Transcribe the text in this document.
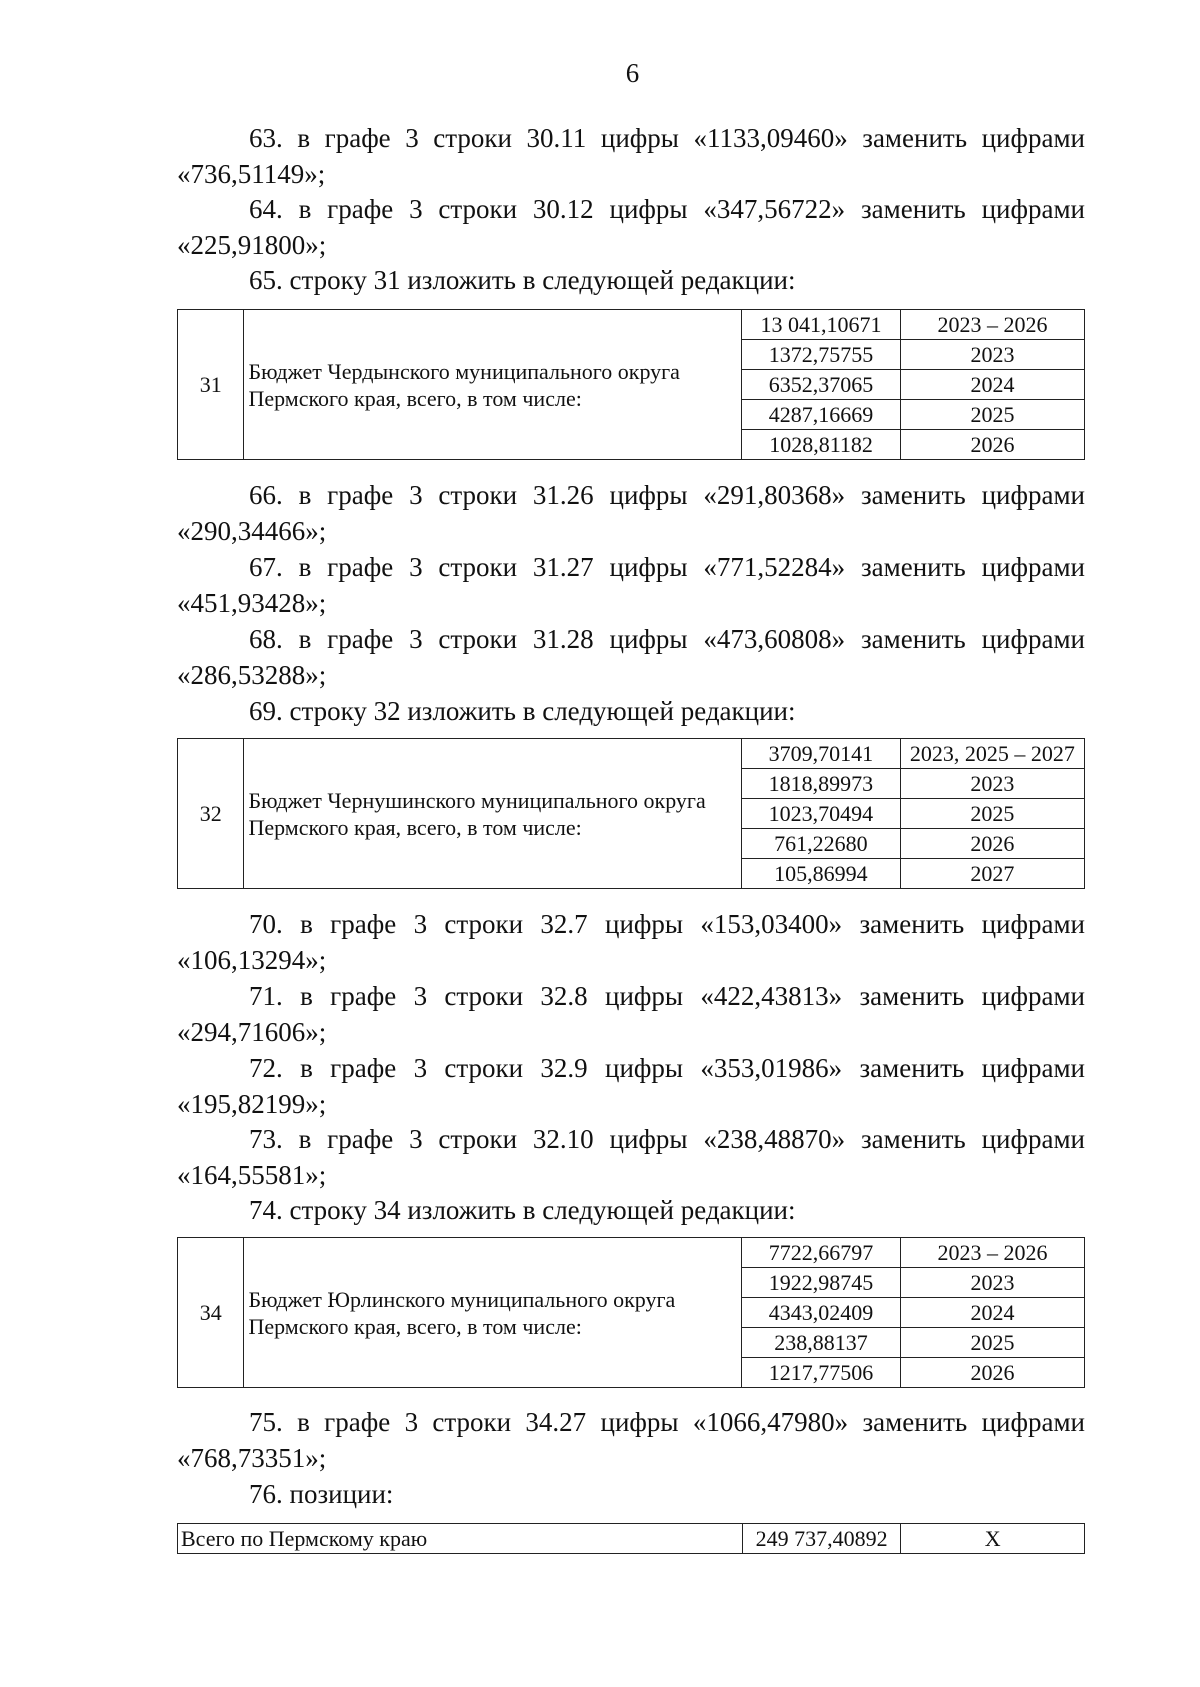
6
63. в графе 3 строки 30.11 цифры «1133,09460» заменить цифрами
«736,51149»;
64. в графе 3 строки 30.12 цифры «347,56722» заменить цифрами
«225,91800»;
65. строку 31 изложить в следующей редакции:
31	Бюджет Чердынского муниципального округа
Пермского края, всего, в том числе:	13 041,10671	2023 – 2026
		1372,75755	2023
		6352,37065	2024
		4287,16669	2025
		1028,81182	2026
66. в графе 3 строки 31.26 цифры «291,80368» заменить цифрами
«290,34466»;
67. в графе 3 строки 31.27 цифры «771,52284» заменить цифрами
«451,93428»;
68. в графе 3 строки 31.28 цифры «473,60808» заменить цифрами
«286,53288»;
69. строку 32 изложить в следующей редакции:
32	Бюджет Чернушинского муниципального округа
Пермского края, всего, в том числе:	3709,70141	2023, 2025 – 2027
		1818,89973	2023
		1023,70494	2025
		761,22680	2026
		105,86994	2027
70. в графе 3 строки 32.7 цифры «153,03400» заменить цифрами
«106,13294»;
71. в графе 3 строки 32.8 цифры «422,43813» заменить цифрами
«294,71606»;
72. в графе 3 строки 32.9 цифры «353,01986» заменить цифрами
«195,82199»;
73. в графе 3 строки 32.10 цифры «238,48870» заменить цифрами
«164,55581»;
74. строку 34 изложить в следующей редакции:
34	Бюджет Юрлинского муниципального округа
Пермского края, всего, в том числе:	7722,66797	2023 – 2026
		1922,98745	2023
		4343,02409	2024
		238,88137	2025
		1217,77506	2026
75. в графе 3 строки 34.27 цифры «1066,47980» заменить цифрами
«768,73351»;
76. позиции:
Всего по Пермскому краю	249 737,40892	X
